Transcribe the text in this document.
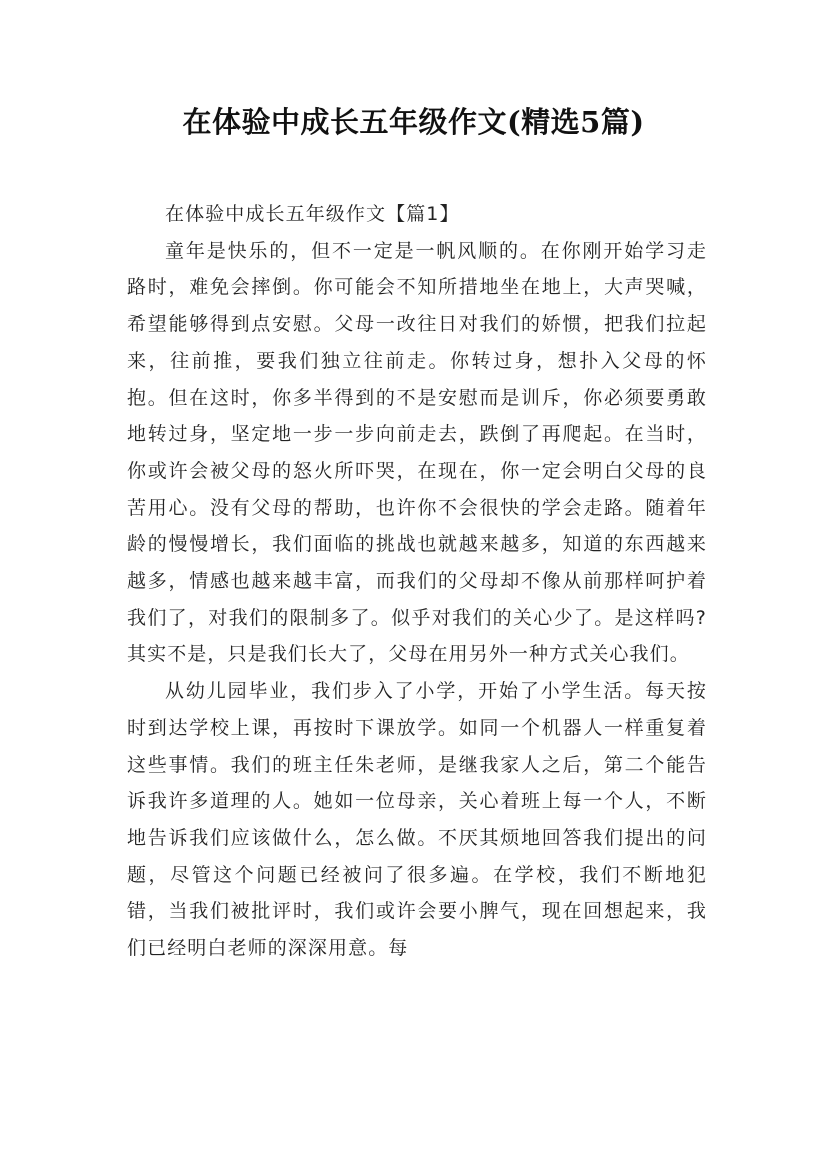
在体验中成长五年级作文(精选5篇)

在体验中成长五年级作文【篇1】

童年是快乐的，但不一定是一帆风顺的。在你刚开始学习走路时，难免会摔倒。你可能会不知所措地坐在地上，大声哭喊，希望能够得到点安慰。父母一改往日对我们的娇惯，把我们拉起来，往前推，要我们独立往前走。你转过身，想扑入父母的怀抱。但在这时，你多半得到的不是安慰而是训斥，你必须要勇敢地转过身，坚定地一步一步向前走去，跌倒了再爬起。在当时，你或许会被父母的怒火所吓哭，在现在，你一定会明白父母的良苦用心。没有父母的帮助，也许你不会很快的学会走路。随着年龄的慢慢增长，我们面临的挑战也就越来越多，知道的东西越来越多，情感也越来越丰富，而我们的父母却不像从前那样呵护着我们了，对我们的限制多了。似乎对我们的关心少了。是这样吗?其实不是，只是我们长大了，父母在用另外一种方式关心我们。

从幼儿园毕业，我们步入了小学，开始了小学生活。每天按时到达学校上课，再按时下课放学。如同一个机器人一样重复着这些事情。我们的班主任朱老师，是继我家人之后，第二个能告诉我许多道理的人。她如一位母亲，关心着班上每一个人，不断地告诉我们应该做什么，怎么做。不厌其烦地回答我们提出的问题，尽管这个问题已经被问了很多遍。在学校，我们不断地犯错，当我们被批评时，我们或许会要小脾气，现在回想起来，我们已经明白老师的深深用意。每
